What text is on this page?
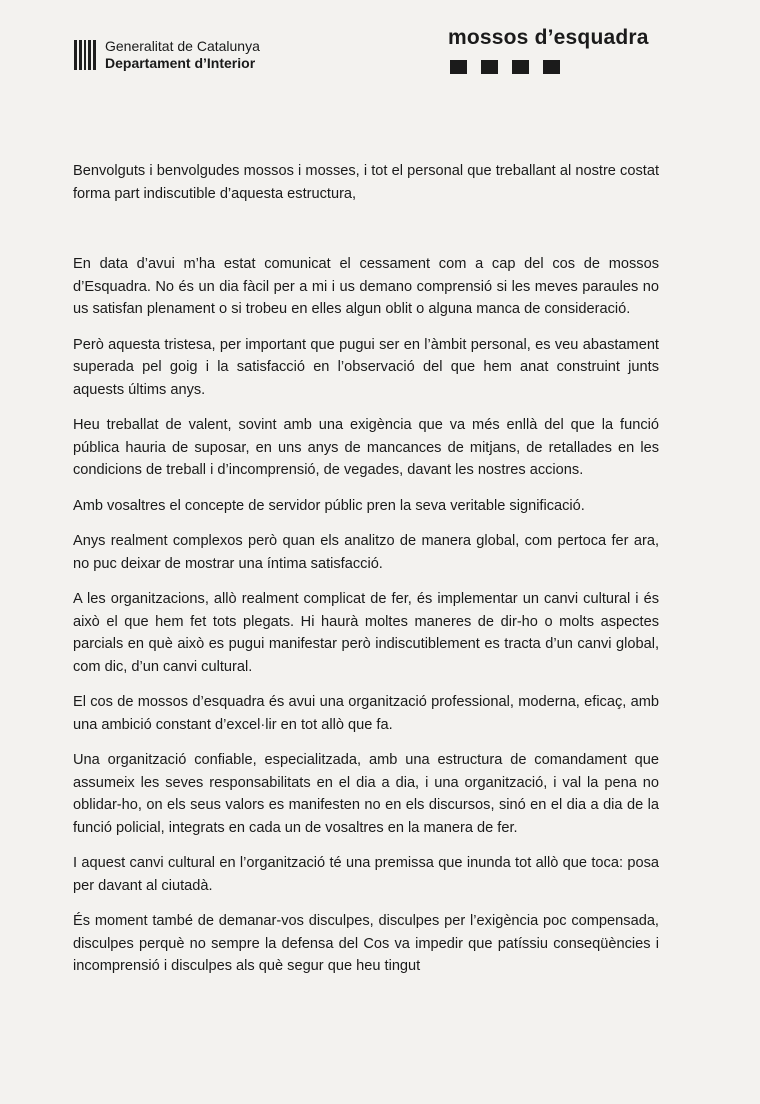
Generalitat de Catalunya
Departament d’Interior
mossos d’esquadra

Benvolguts i benvolgudes mossos i mosses, i tot el personal que treballant al nostre costat forma part indiscutible d’aquesta estructura,

En data d’avui m’ha estat comunicat el cessament com a cap del cos de mossos d’Esquadra. No és un dia fàcil per a mi i us demano comprensió si les meves paraules no us satisfan plenament o si trobeu en elles algun oblit o alguna manca de consideració.

Però aquesta tristesa, per important que pugui ser en l’àmbit personal, es veu abastament superada pel goig i la satisfacció en l’observació del que hem anat construint junts aquests últims anys.

Heu treballat de valent, sovint amb una exigència que va més enllà del que la funció pública hauria de suposar, en uns anys de mancances de mitjans, de retallades en les condicions de treball i d’incomprensió, de vegades, davant les nostres accions.

Amb vosaltres el concepte de servidor públic pren la seva veritable significació.

Anys realment complexos però quan els analitzo de manera global, com pertoca fer ara, no puc deixar de mostrar una íntima satisfacció.

A les organitzacions, allò realment complicat de fer, és implementar un canvi cultural i és això el que hem fet tots plegats. Hi haurà moltes maneres de dir-ho o molts aspectes parcials en què això es pugui manifestar però indiscutiblement es tracta d’un canvi global, com dic, d’un canvi cultural.

El cos de mossos d’esquadra és avui una organització professional, moderna, eficaç, amb una ambició constant d’excel·lir en tot allò que fa.

Una organització confiable, especialitzada, amb una estructura de comandament que assumeix les seves responsabilitats en el dia a dia, i una organització, i val la pena no oblidar-ho, on els seus valors es manifesten no en els discursos, sinó en el dia a dia de la funció policial, integrats en cada un de vosaltres en la manera de fer.

I aquest canvi cultural en l’organització té una premissa que inunda tot allò que toca: posa per davant al ciutadà.

És moment també de demanar-vos disculpes, disculpes per l’exigència poc compensada, disculpes perquè no sempre la defensa del Cos va impedir que patíssiu conseqüències i incomprensió i disculpes als què segur que heu tingut
